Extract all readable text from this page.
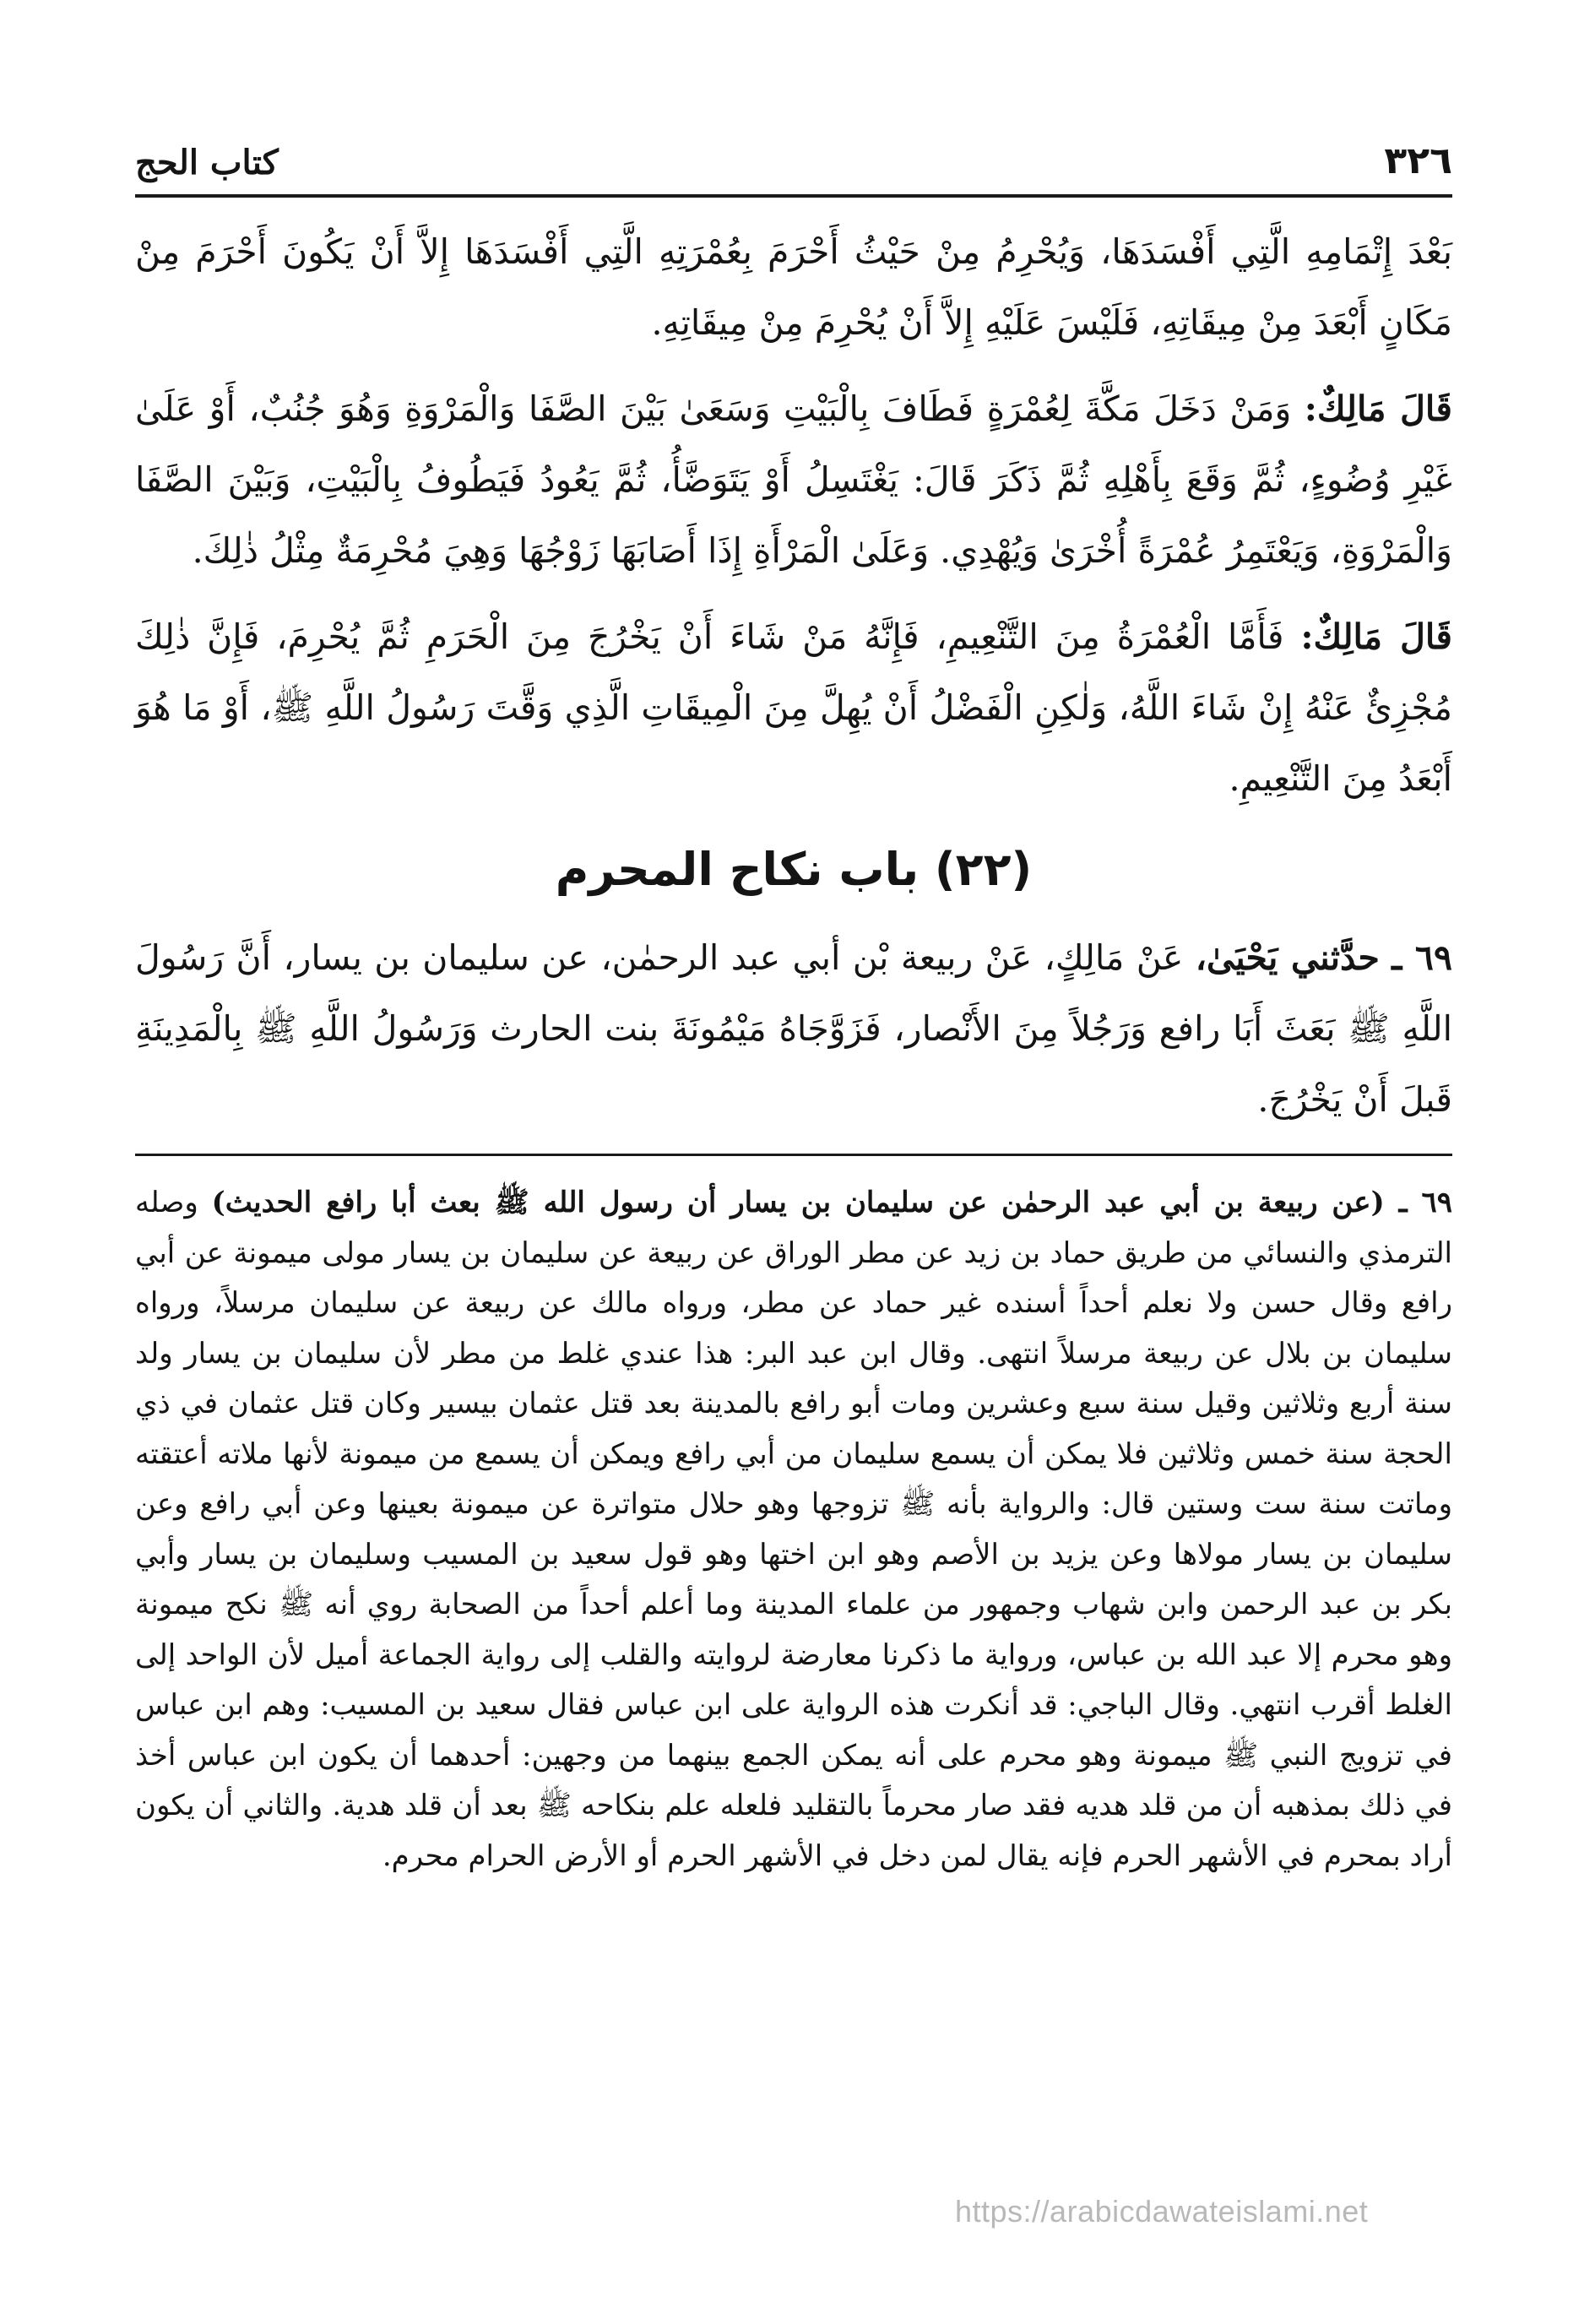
٣٢٦
كتاب الحج

بَعْدَ إِتْمَامِهِ الَّتِي أَفْسَدَهَا، وَيُحْرِمُ مِنْ حَيْثُ أَحْرَمَ بِعُمْرَتِهِ الَّتِي أَفْسَدَهَا إِلاَّ أَنْ يَكُونَ أَحْرَمَ مِنْ مَكَانٍ أَبْعَدَ مِنْ مِيقَاتِهِ، فَلَيْسَ عَلَيْهِ إِلاَّ أَنْ يُحْرِمَ مِنْ مِيقَاتِهِ.

قَالَ مَالِكٌ: وَمَنْ دَخَلَ مَكَّةَ لِعُمْرَةٍ فَطَافَ بِالْبَيْتِ وَسَعَىٰ بَيْنَ الصَّفَا وَالْمَرْوَةِ وَهُوَ جُنُبٌ، أَوْ عَلَىٰ غَيْرِ وُضُوءٍ، ثُمَّ وَقَعَ بِأَهْلِهِ ثُمَّ ذَكَرَ قَالَ: يَغْتَسِلُ أَوْ يَتَوَضَّأُ، ثُمَّ يَعُودُ فَيَطُوفُ بِالْبَيْتِ، وَبَيْنَ الصَّفَا وَالْمَرْوَةِ، وَيَعْتَمِرُ عُمْرَةً أُخْرَىٰ وَيُهْدِي. وَعَلَىٰ الْمَرْأَةِ إِذَا أَصَابَهَا زَوْجُهَا وَهِيَ مُحْرِمَةٌ مِثْلُ ذٰلِكَ.

قَالَ مَالِكٌ: فَأَمَّا الْعُمْرَةُ مِنَ التَّنْعِيمِ، فَإِنَّهُ مَنْ شَاءَ أَنْ يَخْرُجَ مِنَ الْحَرَمِ ثُمَّ يُحْرِمَ، فَإِنَّ ذٰلِكَ مُجْزِئٌ عَنْهُ إِنْ شَاءَ اللَّهُ، وَلٰكِنِ الْفَضْلُ أَنْ يُهِلَّ مِنَ الْمِيقَاتِ الَّذِي وَقَّتَ رَسُولُ اللَّهِ ﷺ، أَوْ مَا هُوَ أَبْعَدُ مِنَ التَّنْعِيمِ.

(٢٢) باب نكاح المحرم

٦٩ ـ حدَّثني يَحْيَىٰ، عَنْ مَالِكٍ، عَنْ ربيعة بْن أبي عبد الرحمٰن، عن سليمان بن يسار، أَنَّ رَسُولَ اللَّهِ ﷺ بَعَثَ أَبَا رافع وَرَجُلاً مِنَ الأَنْصار، فَزَوَّجَاهُ مَيْمُونَةَ بنت الحارث وَرَسُولُ اللَّهِ ﷺ بِالْمَدِينَةِ قَبلَ أَنْ يَخْرُجَ.

٦٩ ـ (عن ربيعة بن أبي عبد الرحمٰن عن سليمان بن يسار أن رسول الله ﷺ بعث أبا رافع الحديث) وصله الترمذي والنسائي من طريق حماد بن زيد عن مطر الوراق عن ربيعة عن سليمان بن يسار مولى ميمونة عن أبي رافع وقال حسن ولا نعلم أحداً أسنده غير حماد عن مطر، ورواه مالك عن ربيعة عن سليمان مرسلاً، ورواه سليمان بن بلال عن ربيعة مرسلاً انتهى. وقال ابن عبد البر: هذا عندي غلط من مطر لأن سليمان بن يسار ولد سنة أربع وثلاثين وقيل سنة سبع وعشرين ومات أبو رافع بالمدينة بعد قتل عثمان بيسير وكان قتل عثمان في ذي الحجة سنة خمس وثلاثين فلا يمكن أن يسمع سليمان من أبي رافع ويمكن أن يسمع من ميمونة لأنها ملاته أعتقته وماتت سنة ست وستين قال: والرواية بأنه ﷺ تزوجها وهو حلال متواترة عن ميمونة بعينها وعن أبي رافع وعن سليمان بن يسار مولاها وعن يزيد بن الأصم وهو ابن اختها وهو قول سعيد بن المسيب وسليمان بن يسار وأبي بكر بن عبد الرحمن وابن شهاب وجمهور من علماء المدينة وما أعلم أحداً من الصحابة روي أنه ﷺ نكح ميمونة وهو محرم إلا عبد الله بن عباس، ورواية ما ذكرنا معارضة لروايته والقلب إلى رواية الجماعة أميل لأن الواحد إلى الغلط أقرب انتهي. وقال الباجي: قد أنكرت هذه الرواية على ابن عباس فقال سعيد بن المسيب: وهم ابن عباس في تزويج النبي ﷺ ميمونة وهو محرم على أنه يمكن الجمع بينهما من وجهين: أحدهما أن يكون ابن عباس أخذ في ذلك بمذهبه أن من قلد هديه فقد صار محرماً بالتقليد فلعله علم بنكاحه ﷺ بعد أن قلد هدية. والثاني أن يكون أراد بمحرم في الأشهر الحرم فإنه يقال لمن دخل في الأشهر الحرم أو الأرض الحرام محرم.

https://arabicdawateislami.net
